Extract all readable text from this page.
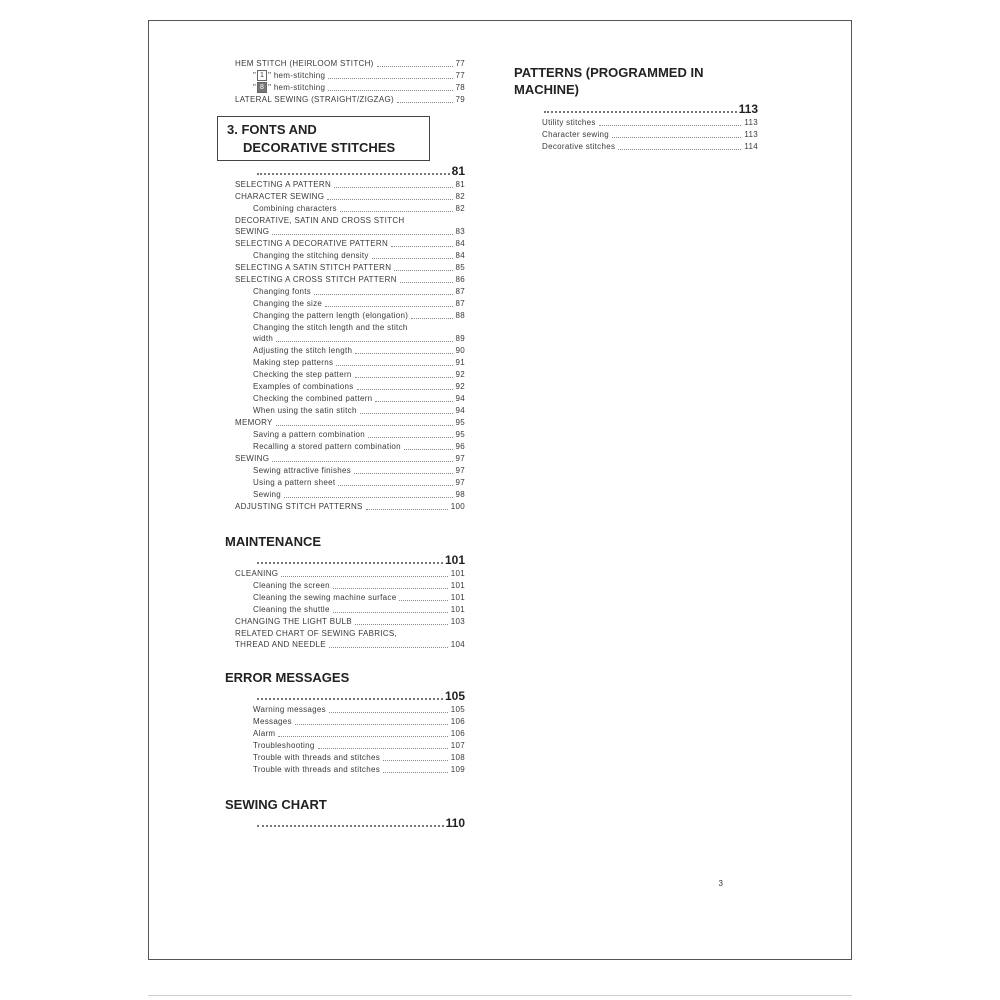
HEM STITCH (HEIRLOOM STITCH)	77
" 1 " hem-stitching	77
" 8 " hem-stitching	78
LATERAL SEWING (STRAIGHT/ZIGZAG)	79
3. FONTS AND
DECORATIVE STITCHES
81
SELECTING A PATTERN	81
CHARACTER SEWING	82
Combining characters	82
DECORATIVE, SATIN AND CROSS STITCH
SEWING	83
SELECTING A DECORATIVE PATTERN	84
Changing the stitching density	84
SELECTING A SATIN STITCH PATTERN	85
SELECTING A CROSS STITCH PATTERN	86
Changing fonts	87
Changing the size	87
Changing the pattern length (elongation)	88
Changing the stitch length and the stitch
width	89
Adjusting the stitch length	90
Making step patterns	91
Checking the step pattern	92
Examples of combinations	92
Checking the combined pattern	94
When using the satin stitch	94
MEMORY	95
Saving a pattern combination	95
Recalling a stored pattern combination	96
SEWING	97
Sewing attractive finishes	97
Using a pattern sheet	97
Sewing	98
ADJUSTING STITCH PATTERNS	100
MAINTENANCE
101
CLEANING	101
Cleaning the screen	101
Cleaning the sewing machine surface	101
Cleaning the shuttle	101
CHANGING THE LIGHT BULB	103
RELATED CHART OF SEWING FABRICS,
THREAD AND NEEDLE	104
ERROR MESSAGES
105
Warning messages	105
Messages	106
Alarm	106
Troubleshooting	107
Trouble with threads and stitches	108
Trouble with threads and stitches	109
SEWING CHART
110
PATTERNS (PROGRAMMED IN
MACHINE)
113
Utility stitches	113
Character sewing	113
Decorative stitches	114
3
